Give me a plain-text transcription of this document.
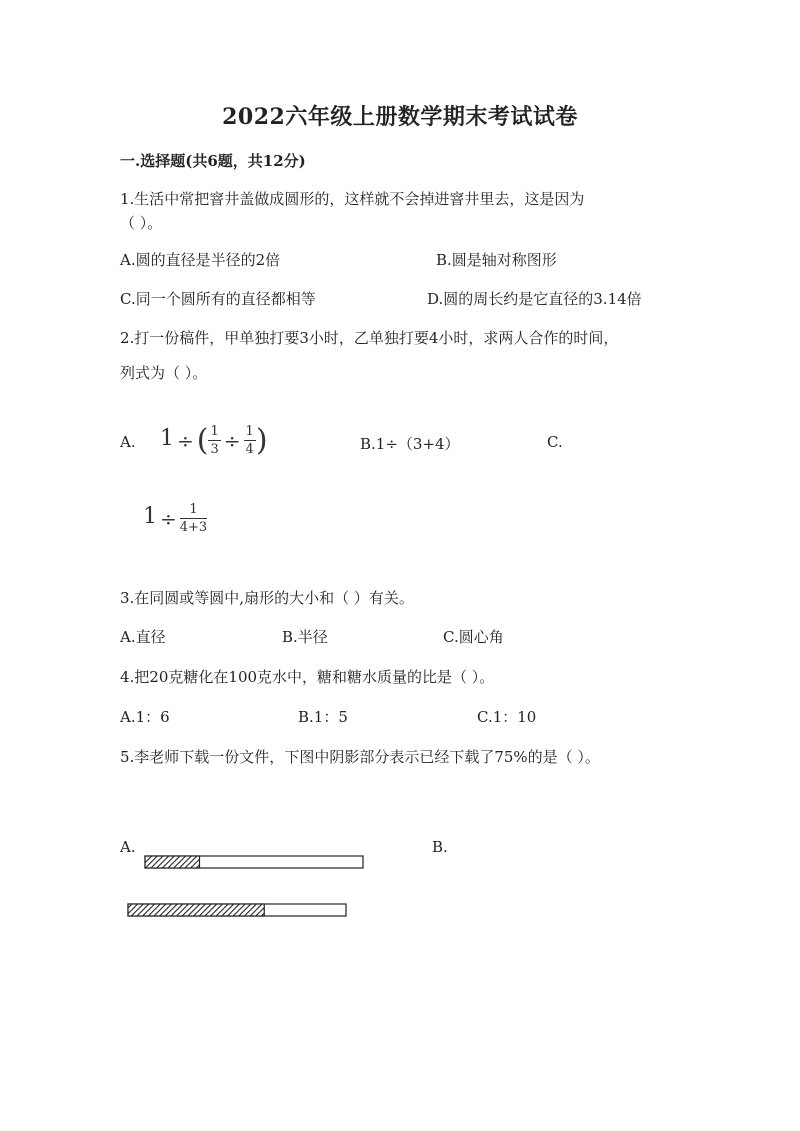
2022六年级上册数学期末考试试卷
一.选择题(共6题，共12分)
1.生活中常把窨井盖做成圆形的，这样就不会掉进窨井里去，这是因为
（ ）。
A.圆的直径是半径的2倍	B.圆是轴对称图形
C.同一个圆所有的直径都相等	D.圆的周长约是它直径的3.14倍
2.打一份稿件，甲单独打要3小时，乙单独打要4小时，求两人合作的时间，
列式为（ ）。
A. 1 ÷ ( $\frac{1}{3} \div \frac{1}{4}$ )	B.1÷（3+4）	C.
$1 \div \frac{1}{4+3}$
3.在同圆或等圆中,扇形的大小和（ ）有关。
A.直径	B.半径	C.圆心角
4.把20克糖化在100克水中，糖和糖水质量的比是（ ）。
A.1：6	B.1：5	C.1：10
5.李老师下载一份文件，下图中阴影部分表示已经下载了75%的是（ ）。
A.	B.
